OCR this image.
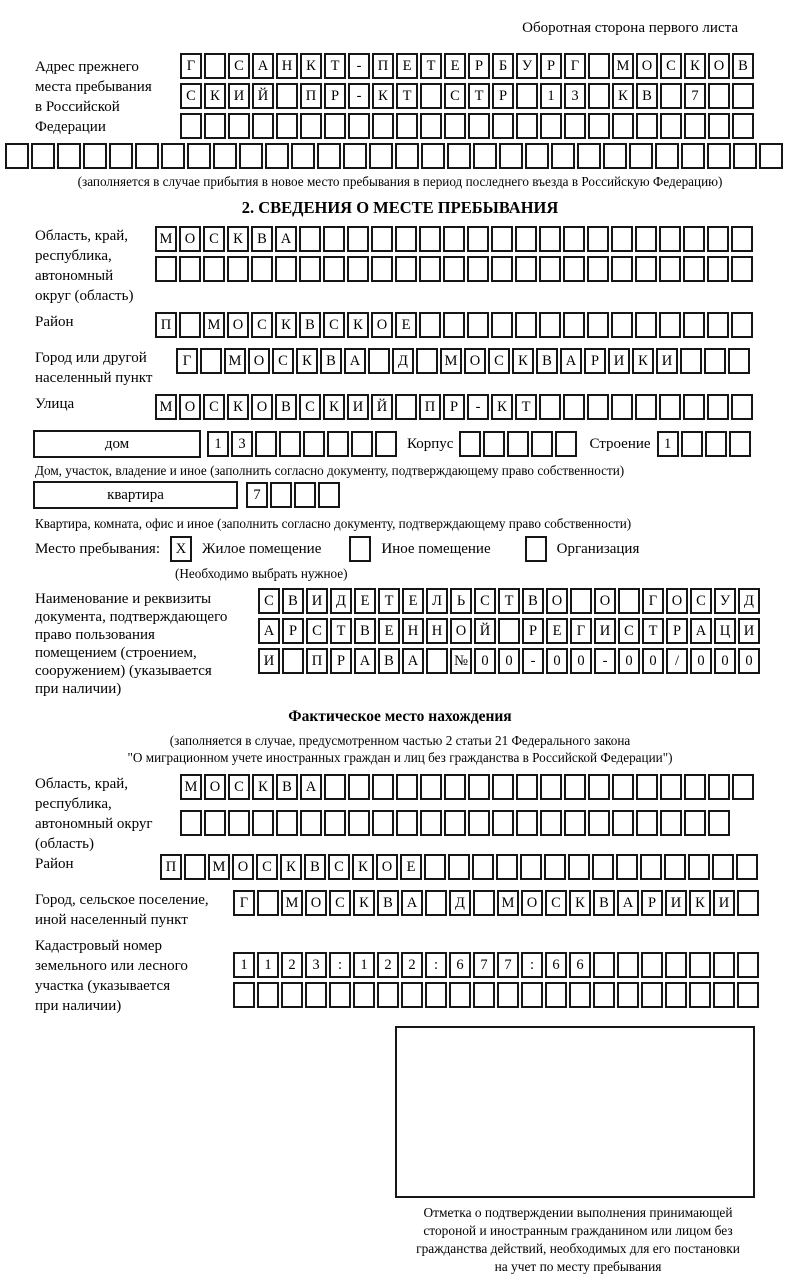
Оборотная сторона первого листа
Адрес прежнего
места пребывания
в Российской
Федерации
Г	С А Н К	Т	-	П Е	Т	Е	Р	Б	У	Р	Г	М О С К О В
С К И Й	П	Р	-	К	Т	С	Т	Р	1	3	К В	7
(заполняется в случае прибытия в новое место пребывания в период последнего въезда в Российскую Федерацию)
2. СВЕДЕНИЯ О МЕСТЕ ПРЕБЫВАНИЯ
Область, край,
республика,
автономный
округ (область)
М О С К В А
Район	П	М О С К В С К О Е
Город или другой
населенный пункт
Г	М О С К В А	Д	М О С К В А	Р	И К И
Улица	М О С К О В С К И Й	П	Р	-	К	Т
дом	1	3	Корпус	Строение 1
Дом, участок, владение и иное (заполнить согласно документу, подтверждающему право собственности)
квартира	7
Квартира, комната, офис и иное (заполнить согласно документу, подтверждающему право собственности)
Место пребывания:	X	Жилое помещение	Иное помещение	Организация
(Необходимо выбрать нужное)
Наименование и реквизиты
документа, подтверждающего
право пользования
помещением (строением,
сооружением) (указывается
при наличии)
С В И Д	Е	Т	Е	Л	Ь	С	Т	В О	О	Г	О С У Д
А	Р	С	Т	В	Е Н Н О Й	Р	Е	Г	И С	Т	Р	А Ц И
И	П	Р	А В А	№ 0	0	-	0	0	-	0	0	/	0	0	0
Фактическое место нахождения
(заполняется в случае, предусмотренном частью 2 статьи 21 Федерального закона
"О миграционном учете иностранных граждан и лиц без гражданства в Российской Федерации")
Область, край,
республика,
автономный округ
(область)
М О С К В А
Район	П	М О С К В С К О Е
Город, сельское поселение,
иной населенный пункт
Г	М О С К В А	Д	М О С К В А	Р	И К И
Кадастровый номер
земельного или лесного
участка (указывается
при наличии)
1	1	2	3	:	1	2	2	:	6	7	7	:	6	6
Отметка о подтверждении выполнения принимающей
стороной и иностранным гражданином или лицом без
гражданства действий, необходимых для его постановки
на учет по месту пребывания
